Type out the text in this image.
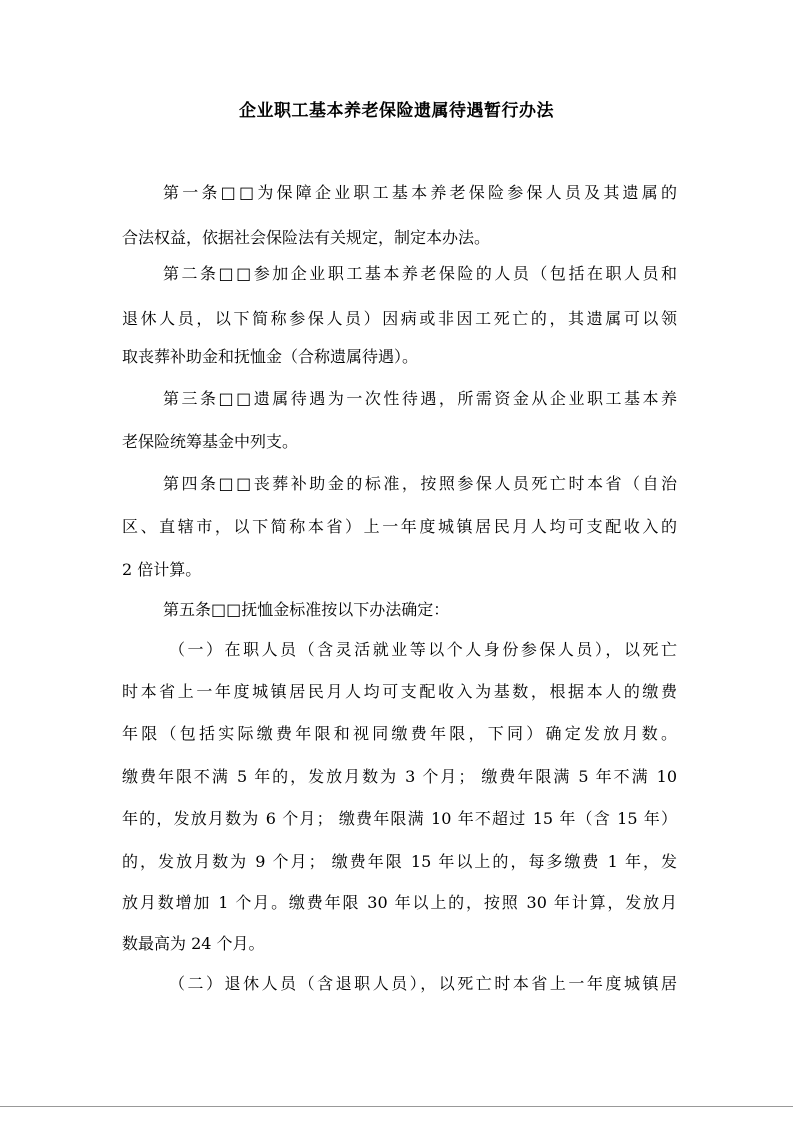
企业职工基本养老保险遗属待遇暂行办法
第一条□□为保障企业职工基本养老保险参保人员及其遗属的
合法权益，依据社会保险法有关规定，制定本办法。
第二条□□参加企业职工基本养老保险的人员（包括在职人员和
退休人员，以下简称参保人员）因病或非因工死亡的，其遗属可以领
取丧葬补助金和抚恤金（合称遗属待遇）。
第三条□□遗属待遇为一次性待遇，所需资金从企业职工基本养
老保险统筹基金中列支。
第四条□□丧葬补助金的标准，按照参保人员死亡时本省（自治
区、直辖市，以下简称本省）上一年度城镇居民月人均可支配收入的
2 倍计算。
第五条□□抚恤金标准按以下办法确定：
（一）在职人员（含灵活就业等以个人身份参保人员），以死亡
时本省上一年度城镇居民月人均可支配收入为基数，根据本人的缴费
年限（包括实际缴费年限和视同缴费年限，下同）确定发放月数。
缴费年限不满 5 年的，发放月数为 3 个月； 缴费年限满 5 年不满 10
年的，发放月数为 6 个月； 缴费年限满 10 年不超过 15 年（含 15 年）
的，发放月数为 9 个月； 缴费年限 15 年以上的，每多缴费 1 年，发
放月数增加 1 个月。缴费年限 30 年以上的，按照 30 年计算，发放月
数最高为 24 个月。
（二）退休人员（含退职人员），以死亡时本省上一年度城镇居
